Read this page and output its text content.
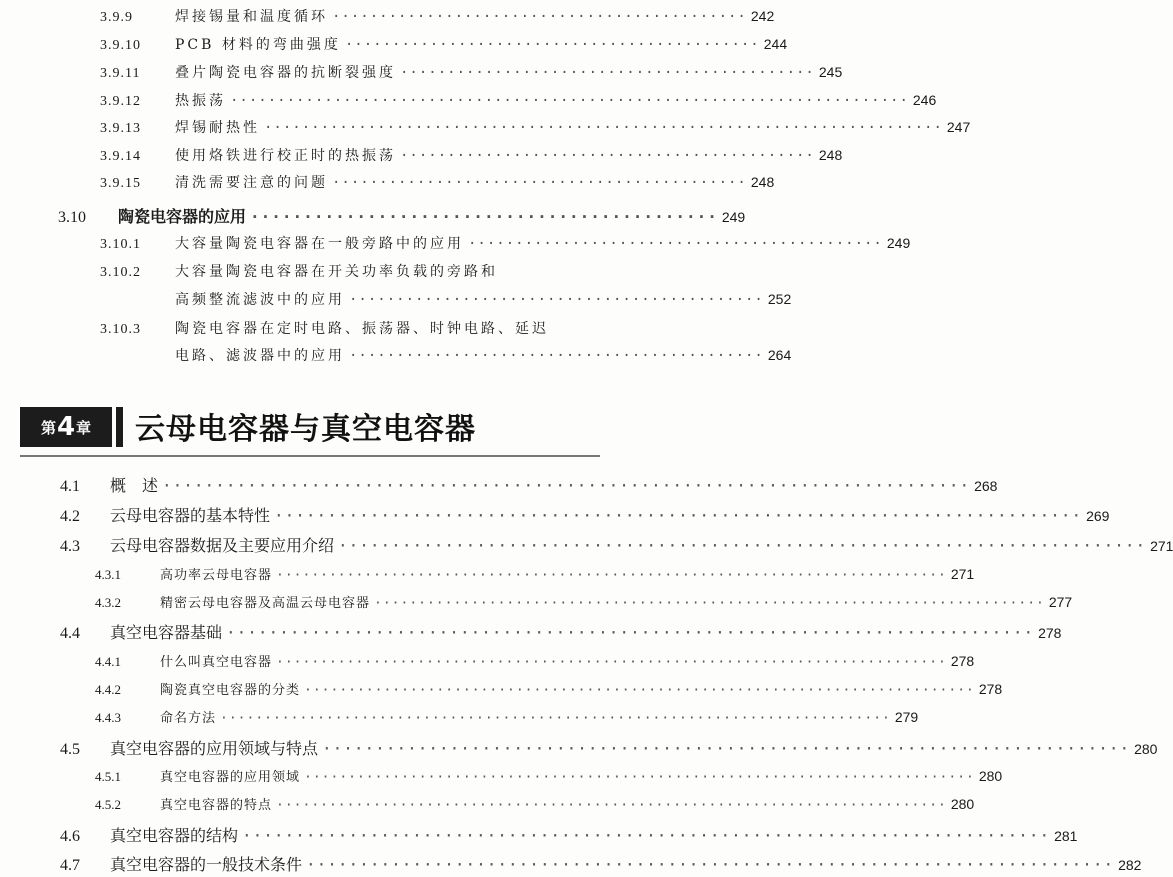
3.9.9	焊接锡量和温度循环 ············································ 242
3.9.10	PCB 材料的弯曲强度 ············································ 244
3.9.11	叠片陶瓷电容器的抗断裂强度 ············································ 245
3.9.12	热振荡 ········································································ 246
3.9.13	焊锡耐热性 ········································································ 247
3.9.14	使用烙铁进行校正时的热振荡 ············································ 248
3.9.15	清洗需要注意的问题 ············································ 248
3.10	陶瓷电容器的应用 ············································ 249
3.10.1	大容量陶瓷电容器在一般旁路中的应用 ············································ 249
3.10.2	大容量陶瓷电容器在开关功率负载的旁路和
高频整流滤波中的应用 ············································ 252
3.10.3	陶瓷电容器在定时电路、振荡器、时钟电路、延迟
电路、滤波器中的应用 ············································ 264
第 4 章 云母电容器与真空电容器
4.1	概　述 ············································································ 268
4.2	云母电容器的基本特性 ············································································ 269
4.3	云母电容器数据及主要应用介绍 ············································································ 271
4.3.1	高功率云母电容器 ············································································ 271
4.3.2	精密云母电容器及高温云母电容器 ············································································ 277
4.4	真空电容器基础 ············································································ 278
4.4.1	什么叫真空电容器 ············································································ 278
4.4.2	陶瓷真空电容器的分类 ············································································ 278
4.4.3	命名方法 ············································································ 279
4.5	真空电容器的应用领域与特点 ············································································ 280
4.5.1	真空电容器的应用领域 ············································································ 280
4.5.2	真空电容器的特点 ············································································ 280
4.6	真空电容器的结构 ············································································ 281
4.7	真空电容器的一般技术条件 ············································································ 282
